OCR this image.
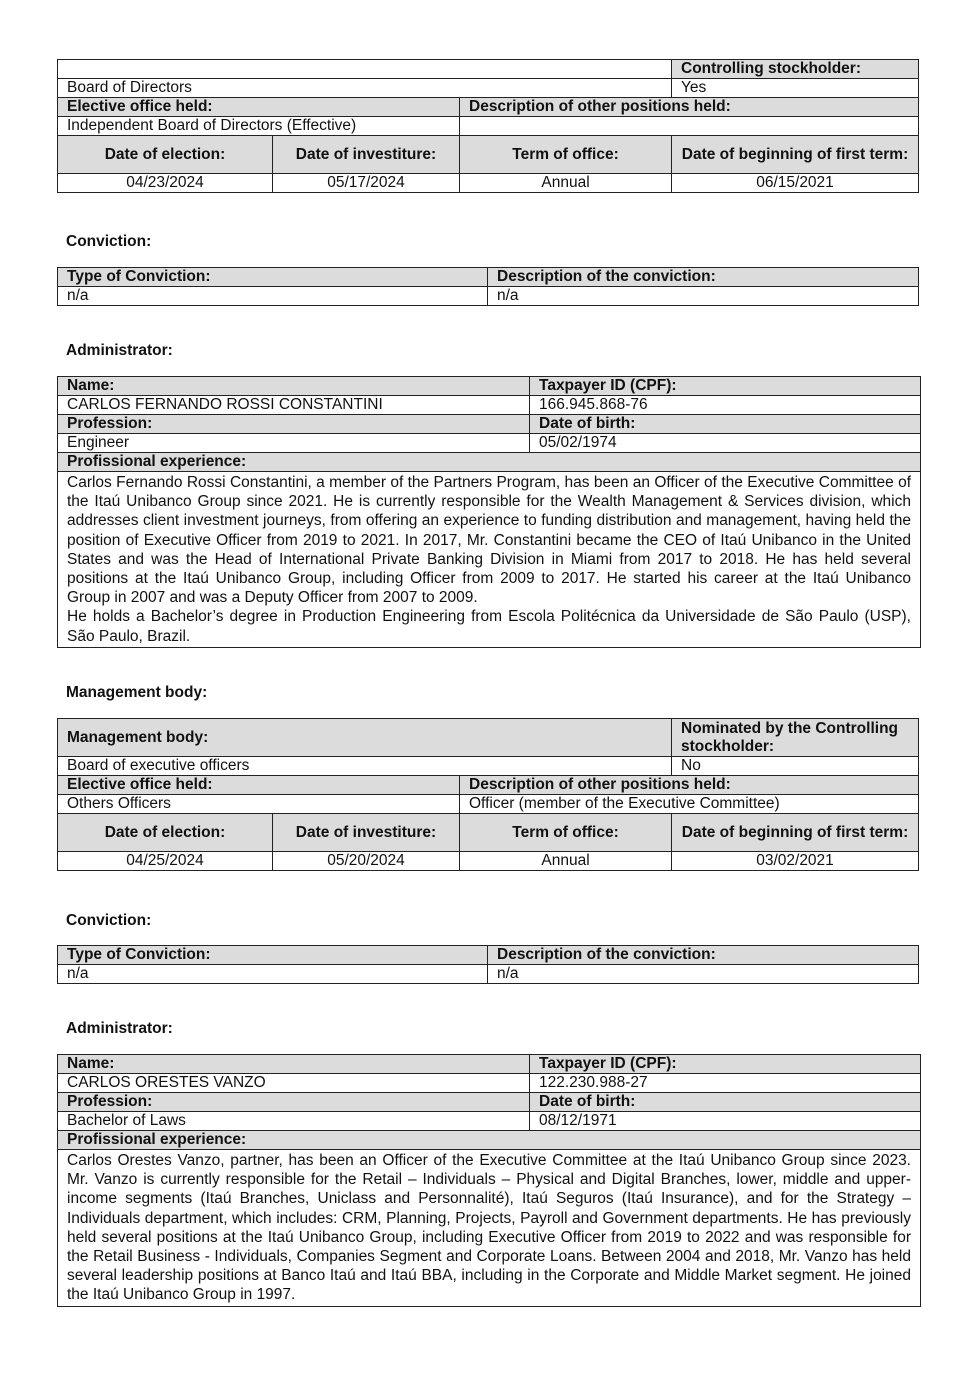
			Controlling stockholder:
Board of Directors			Yes
Elective office held:		Description of other positions held:	
Independent Board of Directors (Effective)			
Date of election:	Date of investiture:	Term of office:	Date of beginning of first term:
04/23/2024	05/17/2024	Annual	06/15/2021
Conviction:
Type of Conviction:	Description of the conviction:
n/a	n/a
Administrator:
Name:	Taxpayer ID (CPF):
CARLOS FERNANDO ROSSI CONSTANTINI	166.945.868-76
Profession:	Date of birth:
Engineer	05/02/1974
Profissional experience:	

Carlos Fernando Rossi Constantini, a member of the Partners Program, has been an Officer of the Executive Committee of the Itaú Unibanco Group since 2021. He is currently responsible for the Wealth Management & Services division, which addresses client investment journeys, from offering an experience to funding distribution and management, having held the position of Executive Officer from 2019 to 2021. In 2017, Mr. Constantini became the CEO of Itaú Unibanco in the United States and was the Head of International Private Banking Division in Miami from 2017 to 2018. He has held several positions at the Itaú Unibanco Group, including Officer from 2009 to 2017. He started his career at the Itaú Unibanco Group in 2007 and was a Deputy Officer from 2007 to 2009.
He holds a Bachelor’s degree in Production Engineering from Escola Politécnica da Universidade de São Paulo (USP), São Paulo, Brazil.	
Management body:
Management body:			Nominated by the Controlling stockholder:
Board of executive officers			No
Elective office held:		Description of other positions held:	
Others Officers		Officer (member of the Executive Committee)	
Date of election:	Date of investiture:	Term of office:	Date of beginning of first term:
04/25/2024	05/20/2024	Annual	03/02/2021
Conviction:
Type of Conviction:	Description of the conviction:
n/a	n/a
Administrator:
Name:	Taxpayer ID (CPF):
CARLOS ORESTES VANZO	122.230.988-27
Profession:	Date of birth:
Bachelor of Laws	08/12/1971
Profissional experience:	

Carlos Orestes Vanzo, partner, has been an Officer of the Executive Committee at the Itaú Unibanco Group since 2023. Mr. Vanzo is currently responsible for the Retail – Individuals – Physical and Digital Branches, lower, middle and upper-income segments (Itaú Branches, Uniclass and Personnalité), Itaú Seguros (Itaú Insurance), and for the Strategy – Individuals department, which includes: CRM, Planning, Projects, Payroll and Government departments. He has previously held several positions at the Itaú Unibanco Group, including Executive Officer from 2019 to 2022 and was responsible for the Retail Business - Individuals, Companies Segment and Corporate Loans. Between 2004 and 2018, Mr. Vanzo has held several leadership positions at Banco Itaú and Itaú BBA, including in the Corporate and Middle Market segment. He joined the Itaú Unibanco Group in 1997.	
